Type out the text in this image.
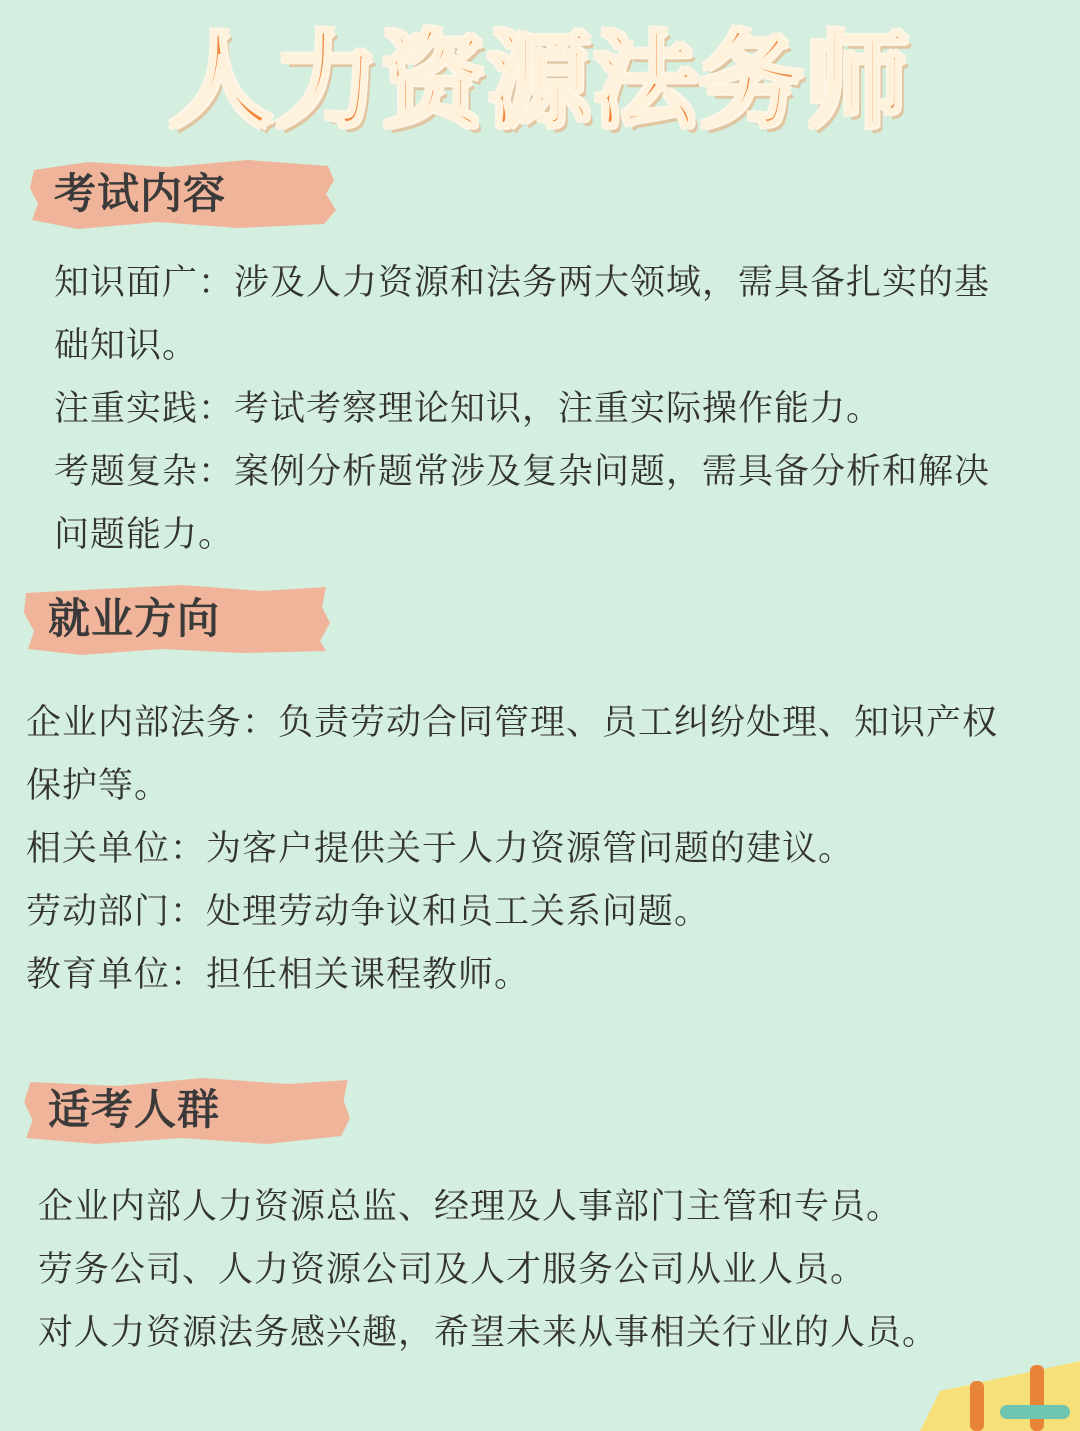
人力资源法务师
考试内容

知识面广：涉及人力资源和法务两大领域，需具备扎实的基础知识。

注重实践：考试考察理论知识，注重实际操作能力。

考题复杂：案例分析题常涉及复杂问题，需具备分析和解决问题能力。

就业方向

企业内部法务：负责劳动合同管理、员工纠纷处理、知识产权保护等。

相关单位：为客户提供关于人力资源管问题的建议。

劳动部门：处理劳动争议和员工关系问题。

教育单位：担任相关课程教师。

适考人群

企业内部人力资源总监、经理及人事部门主管和专员。

劳务公司、人力资源公司及人才服务公司从业人员。

对人力资源法务感兴趣，希望未来从事相关行业的人员。
